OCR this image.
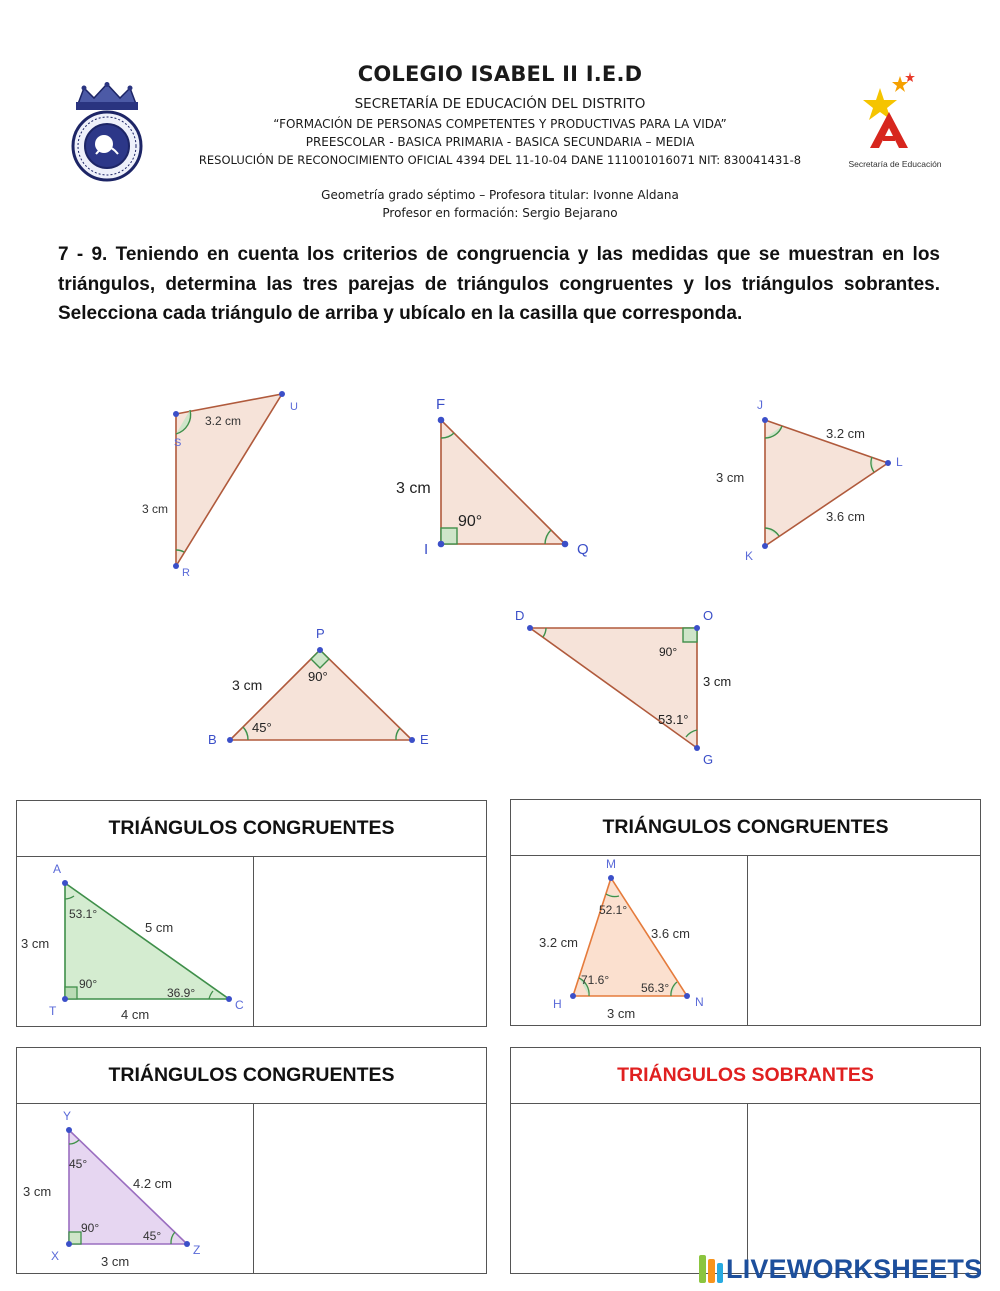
Secretaría de Educación
COLEGIO ISABEL II I.E.D
SECRETARÍA DE EDUCACIÓN DEL DISTRITO
“FORMACIÓN DE PERSONAS COMPETENTES Y PRODUCTIVAS PARA LA VIDA”
PREESCOLAR - BASICA PRIMARIA - BASICA SECUNDARIA – MEDIA
RESOLUCIÓN DE RECONOCIMIENTO OFICIAL 4394 DEL 11-10-04 DANE 111001016071 NIT: 830041431-8
Geometría grado séptimo – Profesora titular: Ivonne Aldana
Profesor en formación: Sergio Bejarano
7 - 9. Teniendo en cuenta los criterios de congruencia y las medidas que se muestran en los triángulos, determina las tres parejas de triángulos congruentes y los triángulos sobrantes. Selecciona cada triángulo de arriba y ubícalo en la casilla que corresponda.
S
U
R
3.2 cm
3 cm
F
I	Q
3 cm
90°
J
L
K
3.2 cm
3 cm
3.6 cm
P
B	E
3 cm
90°
45°
D	O
G
3 cm
90°
53.1°
TRIÁNGULOS CONGRUENTES
A
T	C
3 cm
5 cm
4 cm
53.1°
90°
36.9°
TRIÁNGULOS CONGRUENTES
M
H	N
3.2 cm
3.6 cm
3 cm
52.1°
71.6°
56.3°
TRIÁNGULOS CONGRUENTES
Y
X	Z
3 cm
4.2 cm
3 cm
45°
90°
45°
TRIÁNGULOS SOBRANTES
LIVEWORKSHEETS
